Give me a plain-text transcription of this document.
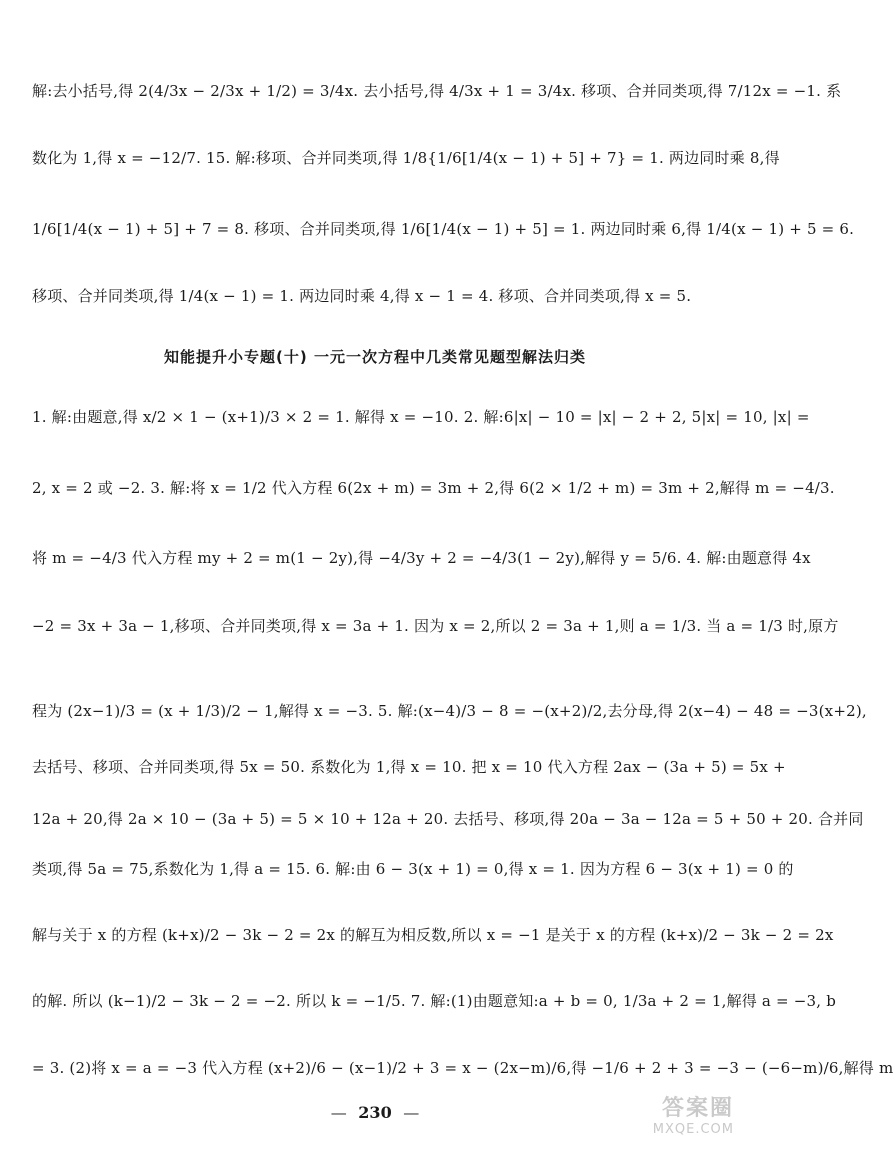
解:去小括号,得 2(4/3x − 2/3x + 1/2) = 3/4x. 去小括号,得 4/3x + 1 = 3/4x. 移项、合并同类项,得 7/12x = −1. 系
数化为 1,得 x = −12/7. 15. 解:移项、合并同类项,得 1/8{1/6[1/4(x − 1) + 5] + 7} = 1. 两边同时乘 8,得
1/6[1/4(x − 1) + 5] + 7 = 8. 移项、合并同类项,得 1/6[1/4(x − 1) + 5] = 1. 两边同时乘 6,得 1/4(x − 1) + 5 = 6.
移项、合并同类项,得 1/4(x − 1) = 1. 两边同时乘 4,得 x − 1 = 4. 移项、合并同类项,得 x = 5.
知能提升小专题(十) 一元一次方程中几类常见题型解法归类
1. 解:由题意,得 x/2 × 1 − (x+1)/3 × 2 = 1. 解得 x = −10. 2. 解:6|x| − 10 = |x| − 2 + 2, 5|x| = 10, |x| =
2, x = 2 或 −2. 3. 解:将 x = 1/2 代入方程 6(2x + m) = 3m + 2,得 6(2 × 1/2 + m) = 3m + 2,解得 m = −4/3.
将 m = −4/3 代入方程 my + 2 = m(1 − 2y),得 −4/3y + 2 = −4/3(1 − 2y),解得 y = 5/6. 4. 解:由题意得 4x
−2 = 3x + 3a − 1,移项、合并同类项,得 x = 3a + 1. 因为 x = 2,所以 2 = 3a + 1,则 a = 1/3. 当 a = 1/3 时,原方
程为 (2x−1)/3 = (x + 1/3)/2 − 1,解得 x = −3. 5. 解:(x−4)/3 − 8 = −(x+2)/2,去分母,得 2(x−4) − 48 = −3(x+2),
去括号、移项、合并同类项,得 5x = 50. 系数化为 1,得 x = 10. 把 x = 10 代入方程 2ax − (3a + 5) = 5x +
12a + 20,得 2a × 10 − (3a + 5) = 5 × 10 + 12a + 20. 去括号、移项,得 20a − 3a − 12a = 5 + 50 + 20. 合并同
类项,得 5a = 75,系数化为 1,得 a = 15. 6. 解:由 6 − 3(x + 1) = 0,得 x = 1. 因为方程 6 − 3(x + 1) = 0 的
解与关于 x 的方程 (k+x)/2 − 3k − 2 = 2x 的解互为相反数,所以 x = −1 是关于 x 的方程 (k+x)/2 − 3k − 2 = 2x
的解. 所以 (k−1)/2 − 3k − 2 = −2. 所以 k = −1/5. 7. 解:(1)由题意知:a + b = 0, 1/3a + 2 = 1,解得 a = −3, b
= 3. (2)将 x = a = −3 代入方程 (x+2)/6 − (x−1)/2 + 3 = x − (2x−m)/6,得 −1/6 + 2 + 3 = −3 − (−6−m)/6,解得 m
— 230 —	答案圈
MXQE.COM
